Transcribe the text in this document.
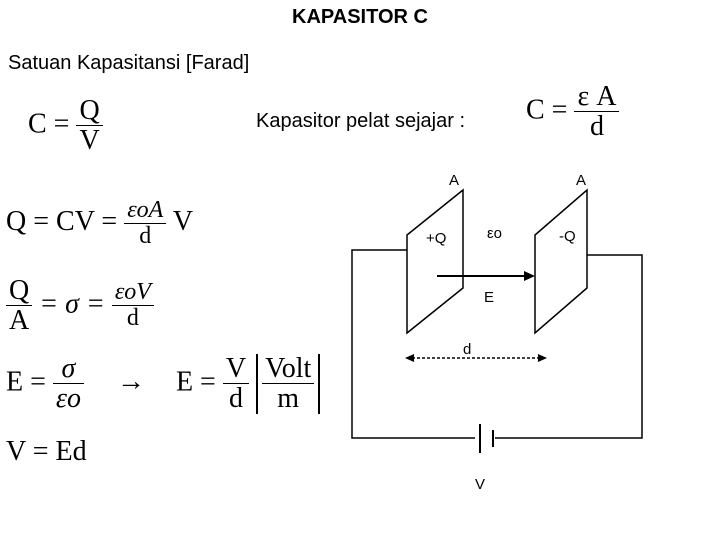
KAPASITOR C
Satuan Kapasitansi [Farad]
Kapasitor pelat sejajar :
$C = \frac{Q}{V}$	$C = \frac{\text{ε A}}{d}$
Q = CV = $\frac{\text{εoA}}{d}$ V
$\frac{Q}{A} = \sigma = \frac{\text{εoV}}{d}$
$E = \frac{\sigma}{\varepsilon o} \to E = \frac{V}{d}$
$\frac{\text{Volt}}{m}$
V = Ed
A	A
+Q	-Q
εo
E
d
V
